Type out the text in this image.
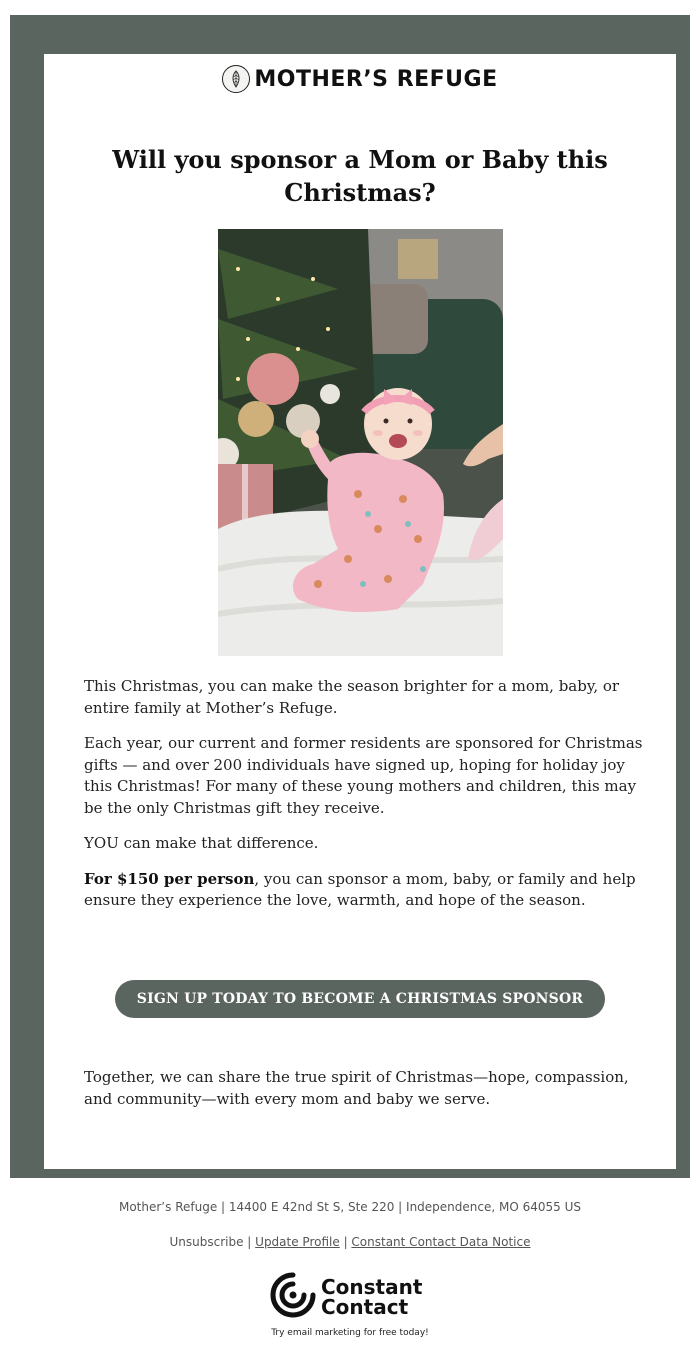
MOTHER’S REFUGE
Will you sponsor a Mom or Baby this Christmas?

This Christmas, you can make the season brighter for a mom, baby, or entire family at Mother’s Refuge.

Each year, our current and former residents are sponsored for Christmas gifts — and over 200 individuals have signed up, hoping for holiday joy this Christmas! For many of these young mothers and children, this may be the only Christmas gift they receive.

YOU can make that difference.

For $150 per person, you can sponsor a mom, baby, or family and help ensure they experience the love, warmth, and hope of the season.

SIGN UP TODAY TO BECOME A CHRISTMAS SPONSOR

Together, we can share the true spirit of Christmas—hope, compassion, and community—with every mom and baby we serve.

Mother’s Refuge | 14400 E 42nd St S, Ste 220 | Independence, MO 64055 US
Unsubscribe | Update Profile | Constant Contact Data Notice
Constant
Contact
Try email marketing for free today!
